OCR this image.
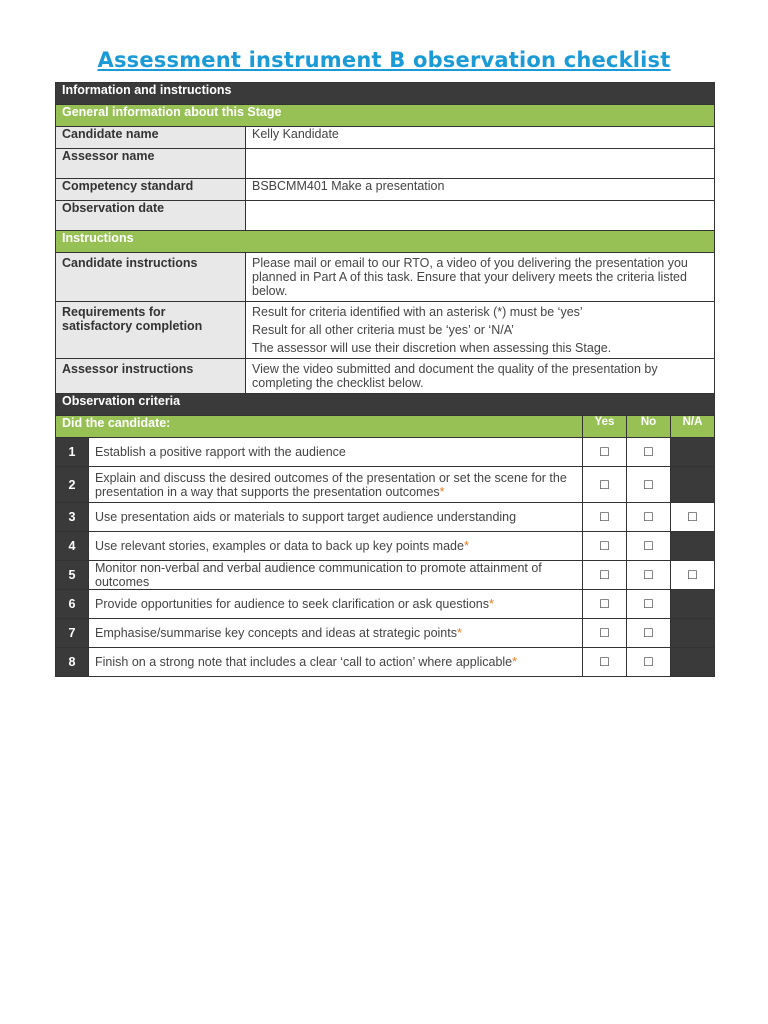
Assessment instrument B observation checklist
Information and instructions					
General information about this Stage					
Candidate name		Kelly Kandidate			
Assessor name					
Competency standard		BSBCMM401 Make a presentation			
Observation date					
Instructions					
Candidate instructions		Please mail or email to our RTO, a video of you delivering the presentation you planned in Part A of this task. Ensure that your delivery meets the criteria listed below.			
Requirements for satisfactory completion		Result for criteria identified with an asterisk (*) must be ‘yes’

Result for all other criteria must be ‘yes’ or ‘N/A’

The assessor will use their discretion when assessing this Stage.			

Assessor instructions		View the video submitted and document the quality of the presentation by completing the checklist below.			
Observation criteria					
Did the candidate:			Yes	No	N/A
1	Establish a positive rapport with the audience		☐	☐	
2	Explain and discuss the desired outcomes of the presentation or set the scene for the presentation in a way that supports the presentation outcomes*		☐	☐	
3	Use presentation aids or materials to support target audience understanding		☐	☐	☐
4	Use relevant stories, examples or data to back up key points made*		☐	☐	
5	Monitor non-verbal and verbal audience communication to promote attainment of outcomes		☐	☐	☐
6	Provide opportunities for audience to seek clarification or ask questions*		☐	☐	
7	Emphasise/summarise key concepts and ideas at strategic points*		☐	☐	
8	Finish on a strong note that includes a clear ‘call to action’ where applicable*		☐	☐	
